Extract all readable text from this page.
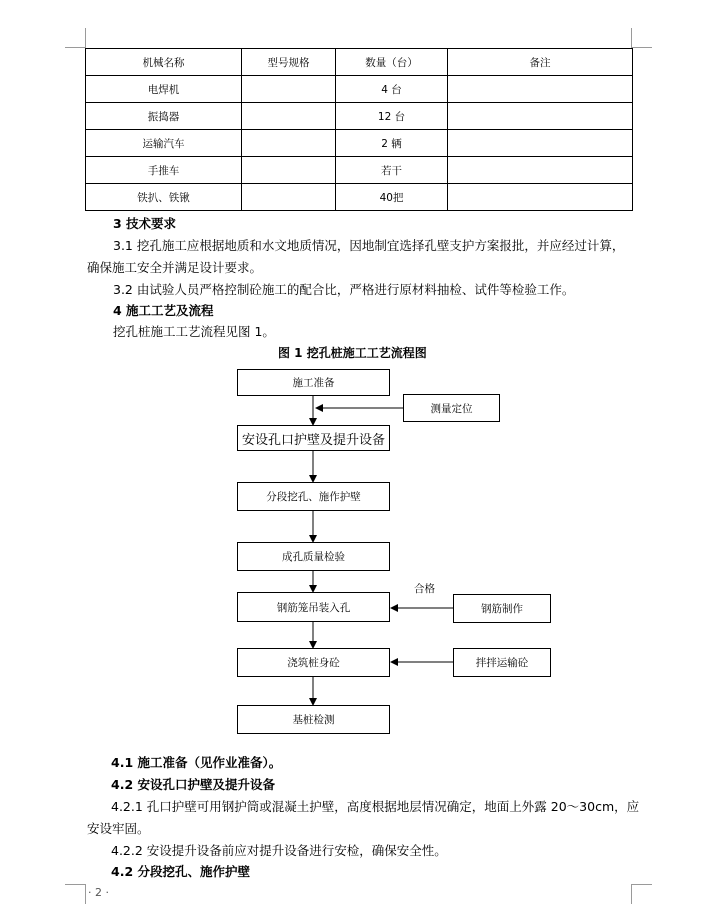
机械名称	型号规格	数量（台）	备注
电焊机		4 台	
振捣器		12 台	
运输汽车		2 辆	
手推车		若干	
铁扒、铁锹		40把	
3 技术要求
3.1 挖孔施工应根据地质和水文地质情况，因地制宜选择孔壁支护方案报批，并应经过计算，
确保施工安全并满足设计要求。
3.2 由试验人员严格控制砼施工的配合比，严格进行原材料抽检、试件等检验工作。
4 施工工艺及流程
挖孔桩施工工艺流程见图 1。
图 1 挖孔桩施工工艺流程图
施工准备
安设孔口护壁及提升设备
分段挖孔、施作护壁
成孔质量检验
钢筋笼吊装入孔
浇筑桩身砼
基桩检测
测量定位
钢筋制作
拌拌运输砼
合格
4.1 施工准备（见作业准备）。
4.2 安设孔口护壁及提升设备
4.2.1 孔口护壁可用钢护筒或混凝土护壁，高度根据地层情况确定，地面上外露 20～30cm，应
安设牢固。
4.2.2 安设提升设备前应对提升设备进行安检，确保安全性。
4.2 分段挖孔、施作护壁
· 2 ·
